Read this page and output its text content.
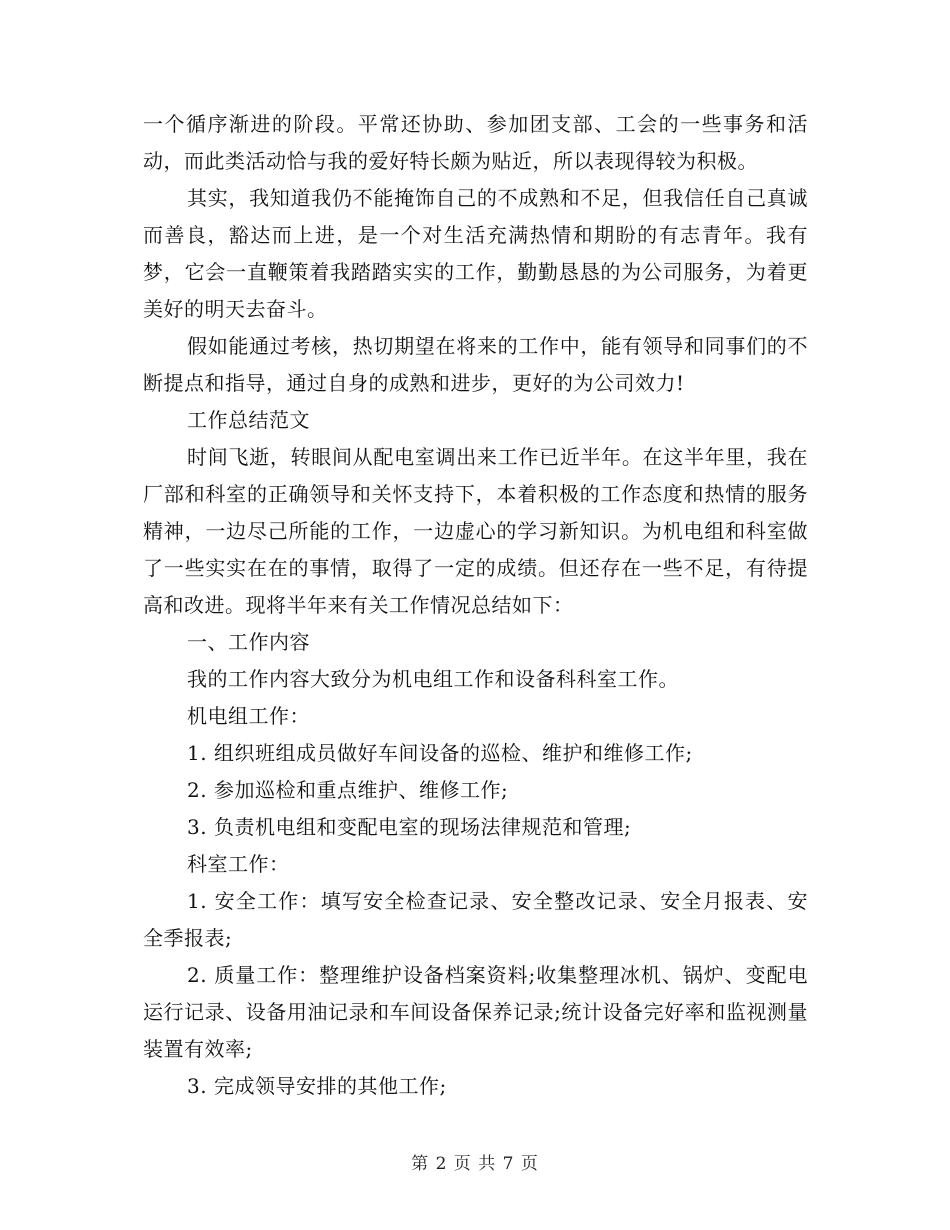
一个循序渐进的阶段。平常还协助、参加团支部、工会的一些事务和活动，而此类活动恰与我的爱好特长颇为贴近，所以表现得较为积极。

其实，我知道我仍不能掩饰自己的不成熟和不足，但我信任自己真诚而善良，豁达而上进，是一个对生活充满热情和期盼的有志青年。我有梦，它会一直鞭策着我踏踏实实的工作，勤勤恳恳的为公司服务，为着更美好的明天去奋斗。

假如能通过考核，热切期望在将来的工作中，能有领导和同事们的不断提点和指导，通过自身的成熟和进步，更好的为公司效力!

工作总结范文

时间飞逝，转眼间从配电室调出来工作已近半年。在这半年里，我在厂部和科室的正确领导和关怀支持下，本着积极的工作态度和热情的服务精神，一边尽己所能的工作，一边虚心的学习新知识。为机电组和科室做了一些实实在在的事情，取得了一定的成绩。但还存在一些不足，有待提高和改进。现将半年来有关工作情况总结如下：

一、工作内容

我的工作内容大致分为机电组工作和设备科科室工作。

机电组工作：

1. 组织班组成员做好车间设备的巡检、维护和维修工作;

2. 参加巡检和重点维护、维修工作;

3. 负责机电组和变配电室的现场法律规范和管理;

科室工作：

1. 安全工作：填写安全检查记录、安全整改记录、安全月报表、安全季报表;

2. 质量工作：整理维护设备档案资料;收集整理冰机、锅炉、变配电运行记录、设备用油记录和车间设备保养记录;统计设备完好率和监视测量装置有效率;

3. 完成领导安排的其他工作;

第 2 页 共 7 页
